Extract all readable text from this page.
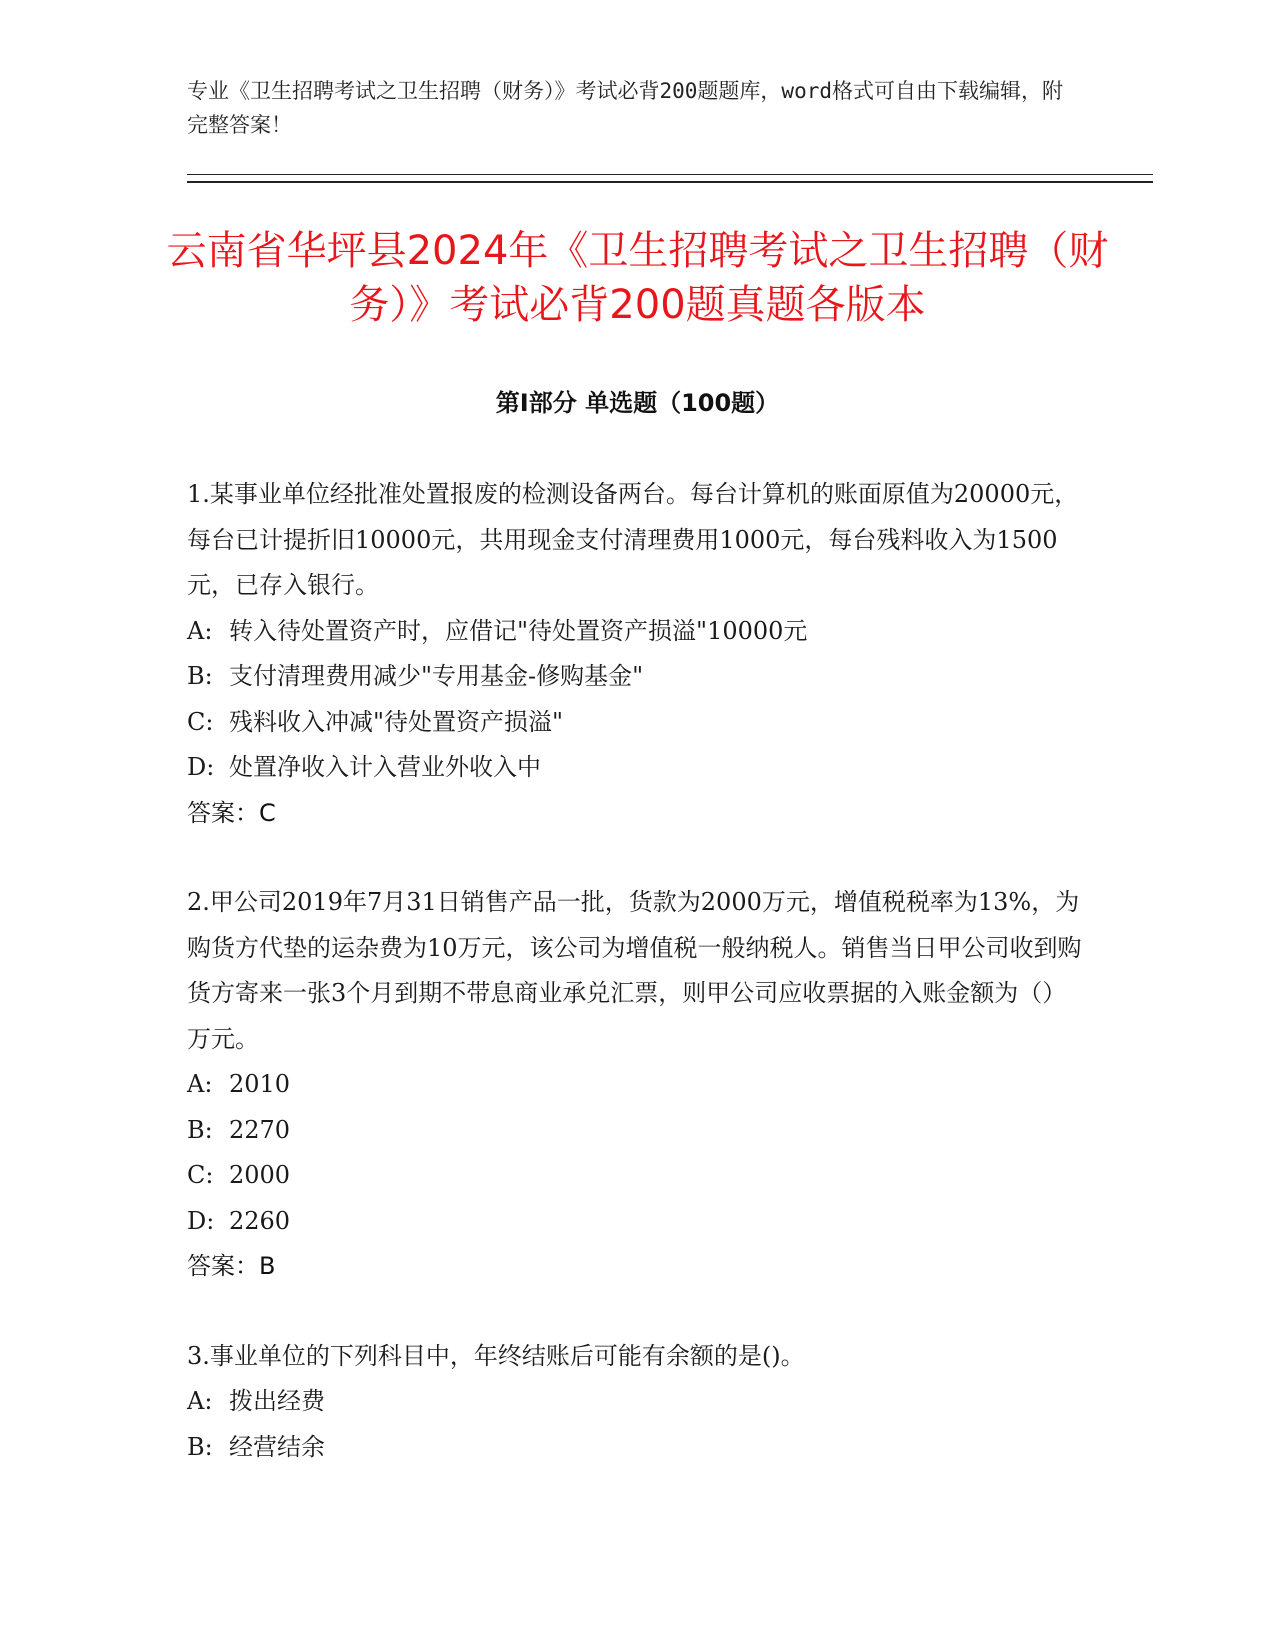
专业《卫生招聘考试之卫生招聘（财务）》考试必背200题题库，word格式可自由下载编辑，附完整答案！

云南省华坪县2024年《卫生招聘考试之卫生招聘（财务）》考试必背200题真题各版本
第Ⅰ部分 单选题（100题）

1.某事业单位经批准处置报废的检测设备两台。每台计算机的账面原值为20000元，每台已计提折旧10000元，共用现金支付清理费用1000元，每台残料收入为1500元，已存入银行。

A: 转入待处置资产时，应借记"待处置资产损溢"10000元

B: 支付清理费用减少"专用基金-修购基金"

C: 残料收入冲减"待处置资产损溢"

D: 处置净收入计入营业外收入中

答案：C

2.甲公司2019年7月31日销售产品一批，货款为2000万元，增值税税率为13%，为购货方代垫的运杂费为10万元，该公司为增值税一般纳税人。销售当日甲公司收到购货方寄来一张3个月到期不带息商业承兑汇票，则甲公司应收票据的入账金额为（）万元。

A: 2010

B: 2270

C: 2000

D: 2260

答案：B

3.事业单位的下列科目中，年终结账后可能有余额的是()。

A: 拨出经费

B: 经营结余
